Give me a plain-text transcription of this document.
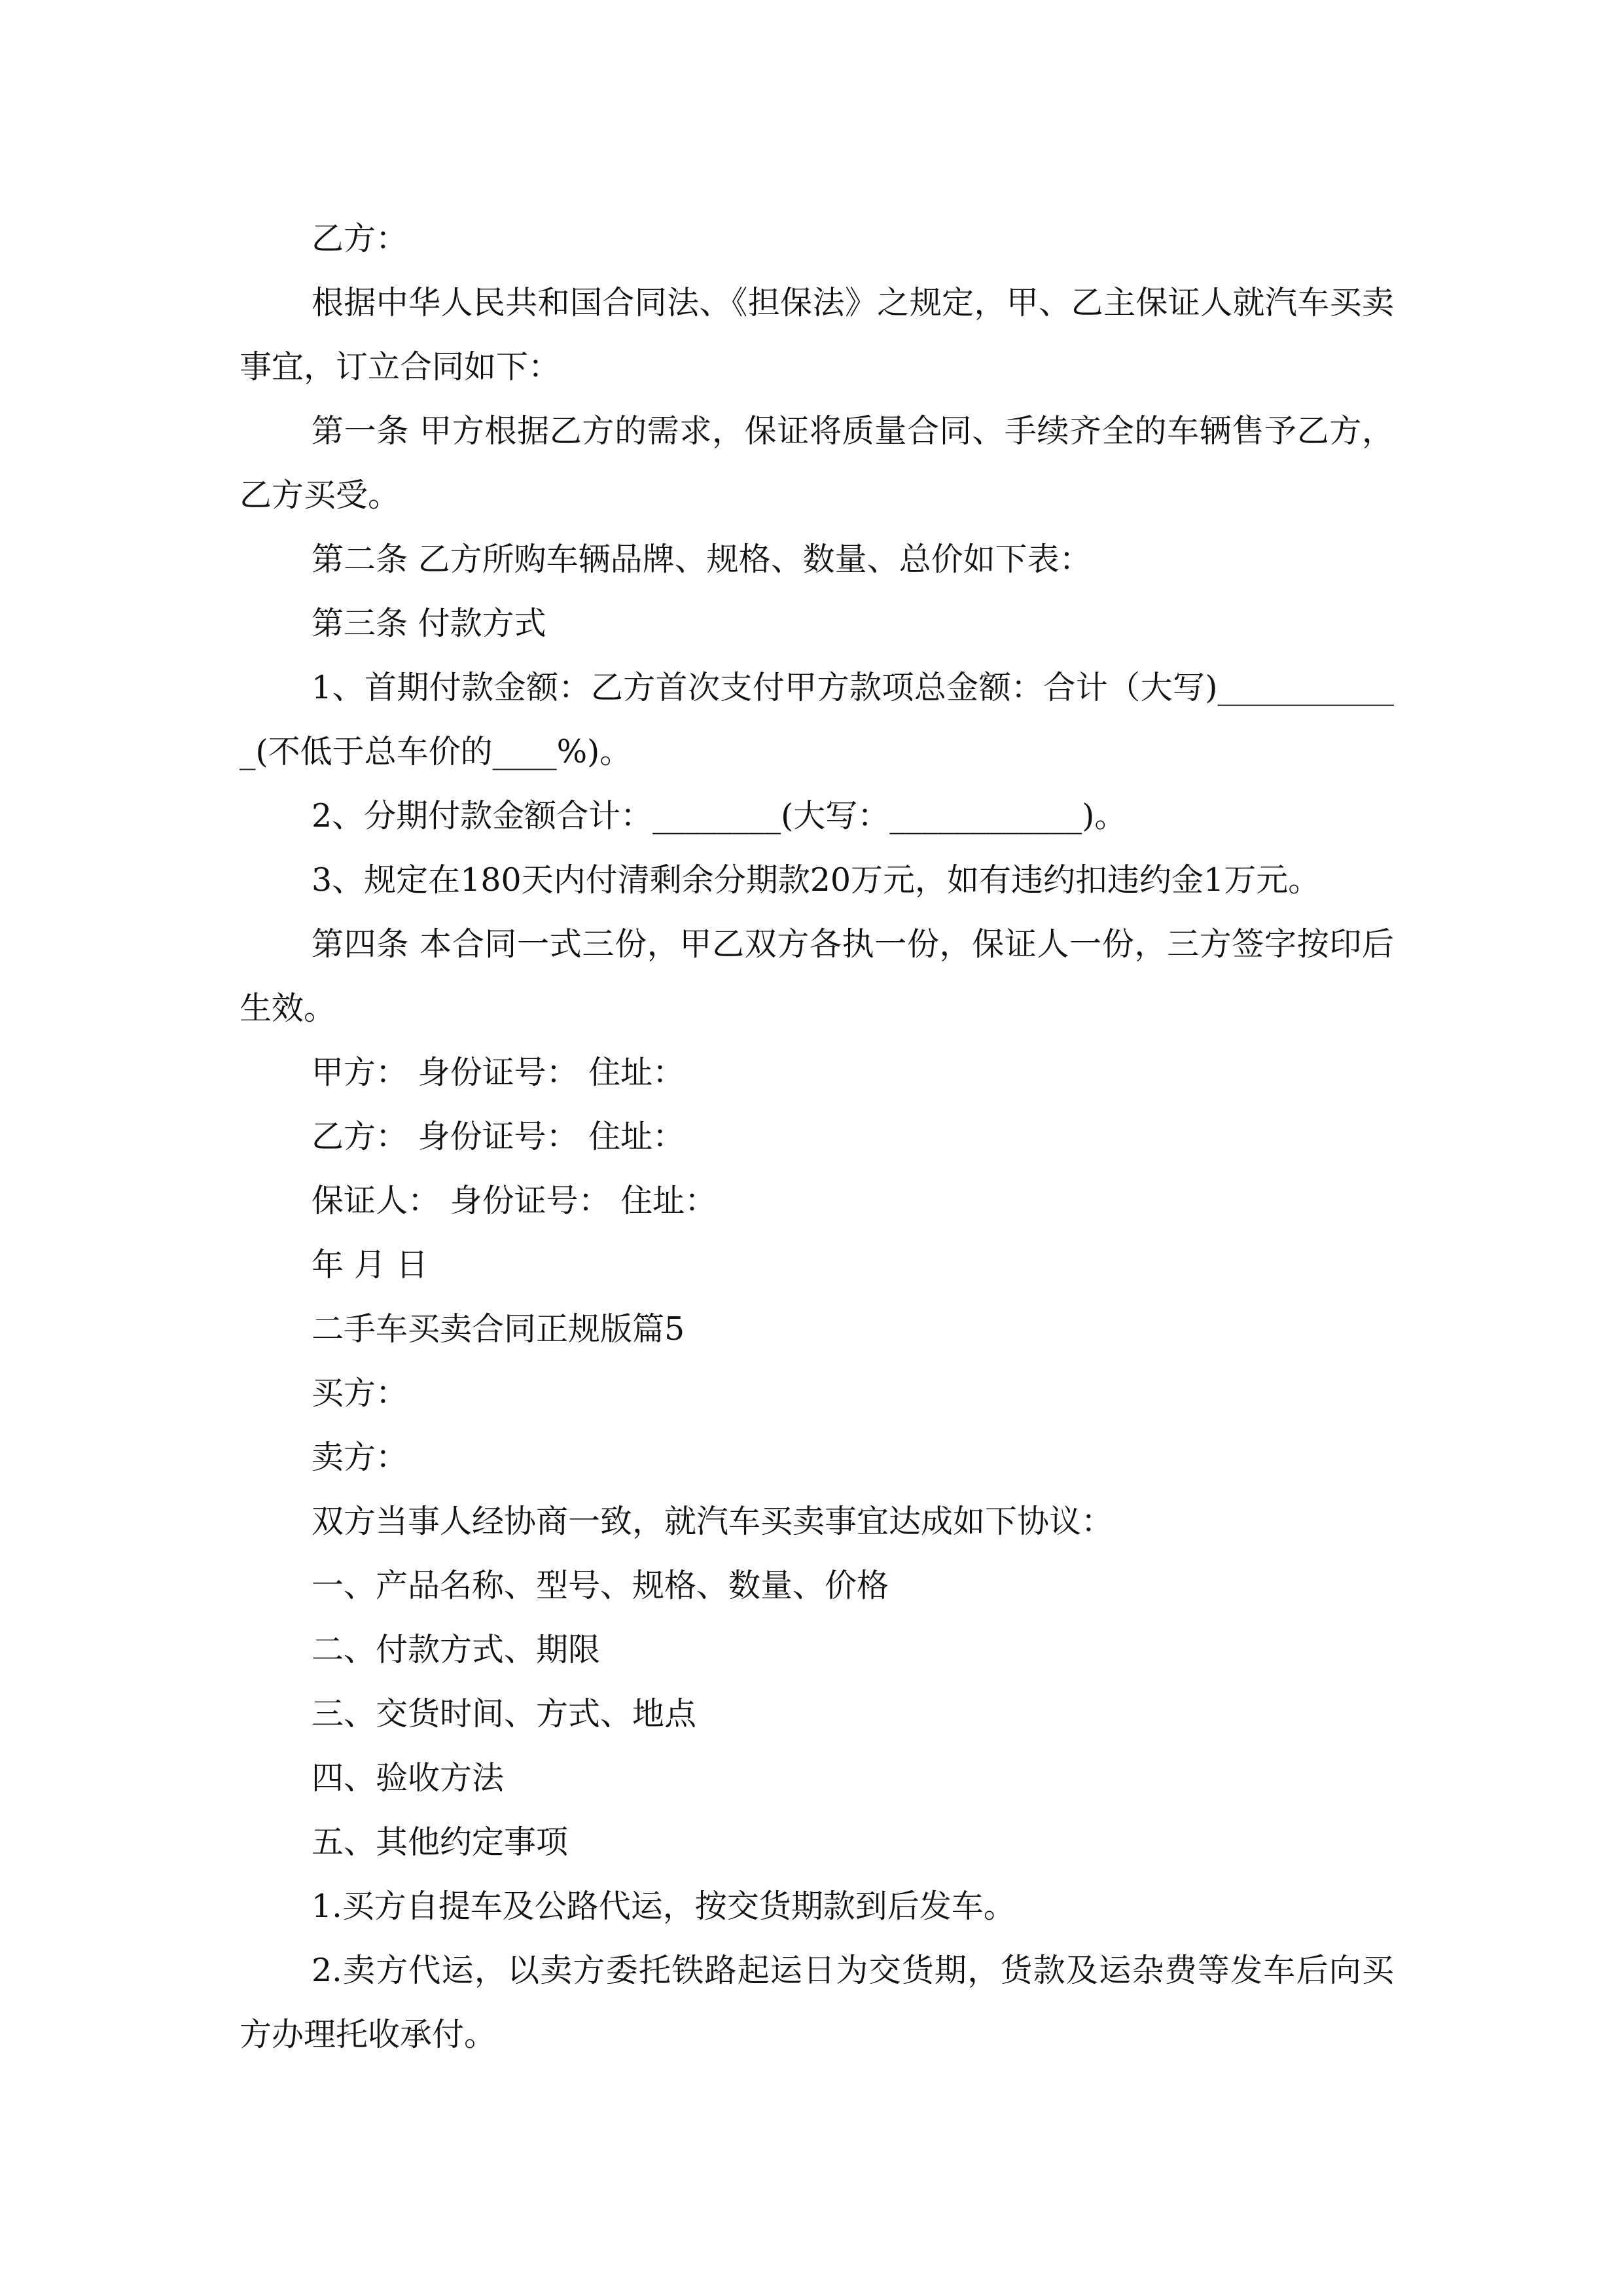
乙方：

根据中华人民共和国合同法、《担保法》之规定，甲、乙主保证人就汽车买卖事宜，订立合同如下：

第一条 甲方根据乙方的需求，保证将质量合同、手续齐全的车辆售予乙方，乙方买受。

第二条 乙方所购车辆品牌、规格、数量、总价如下表：

第三条 付款方式

1、首期付款金额：乙方首次支付甲方款项总金额：合计（大写)____________(不低于总车价的____%)。

2、分期付款金额合计：________(大写：____________)。

3、规定在180天内付清剩余分期款20万元，如有违约扣违约金1万元。

第四条 本合同一式三份，甲乙双方各执一份，保证人一份，三方签字按印后生效。

甲方： 身份证号： 住址：

乙方： 身份证号： 住址：

保证人： 身份证号： 住址：

年 月 日

二手车买卖合同正规版篇5

买方：

卖方：

双方当事人经协商一致，就汽车买卖事宜达成如下协议：

一、产品名称、型号、规格、数量、价格

二、付款方式、期限

三、交货时间、方式、地点

四、验收方法

五、其他约定事项

1.买方自提车及公路代运，按交货期款到后发车。

2.卖方代运，以卖方委托铁路起运日为交货期，货款及运杂费等发车后向买方办理托收承付。
